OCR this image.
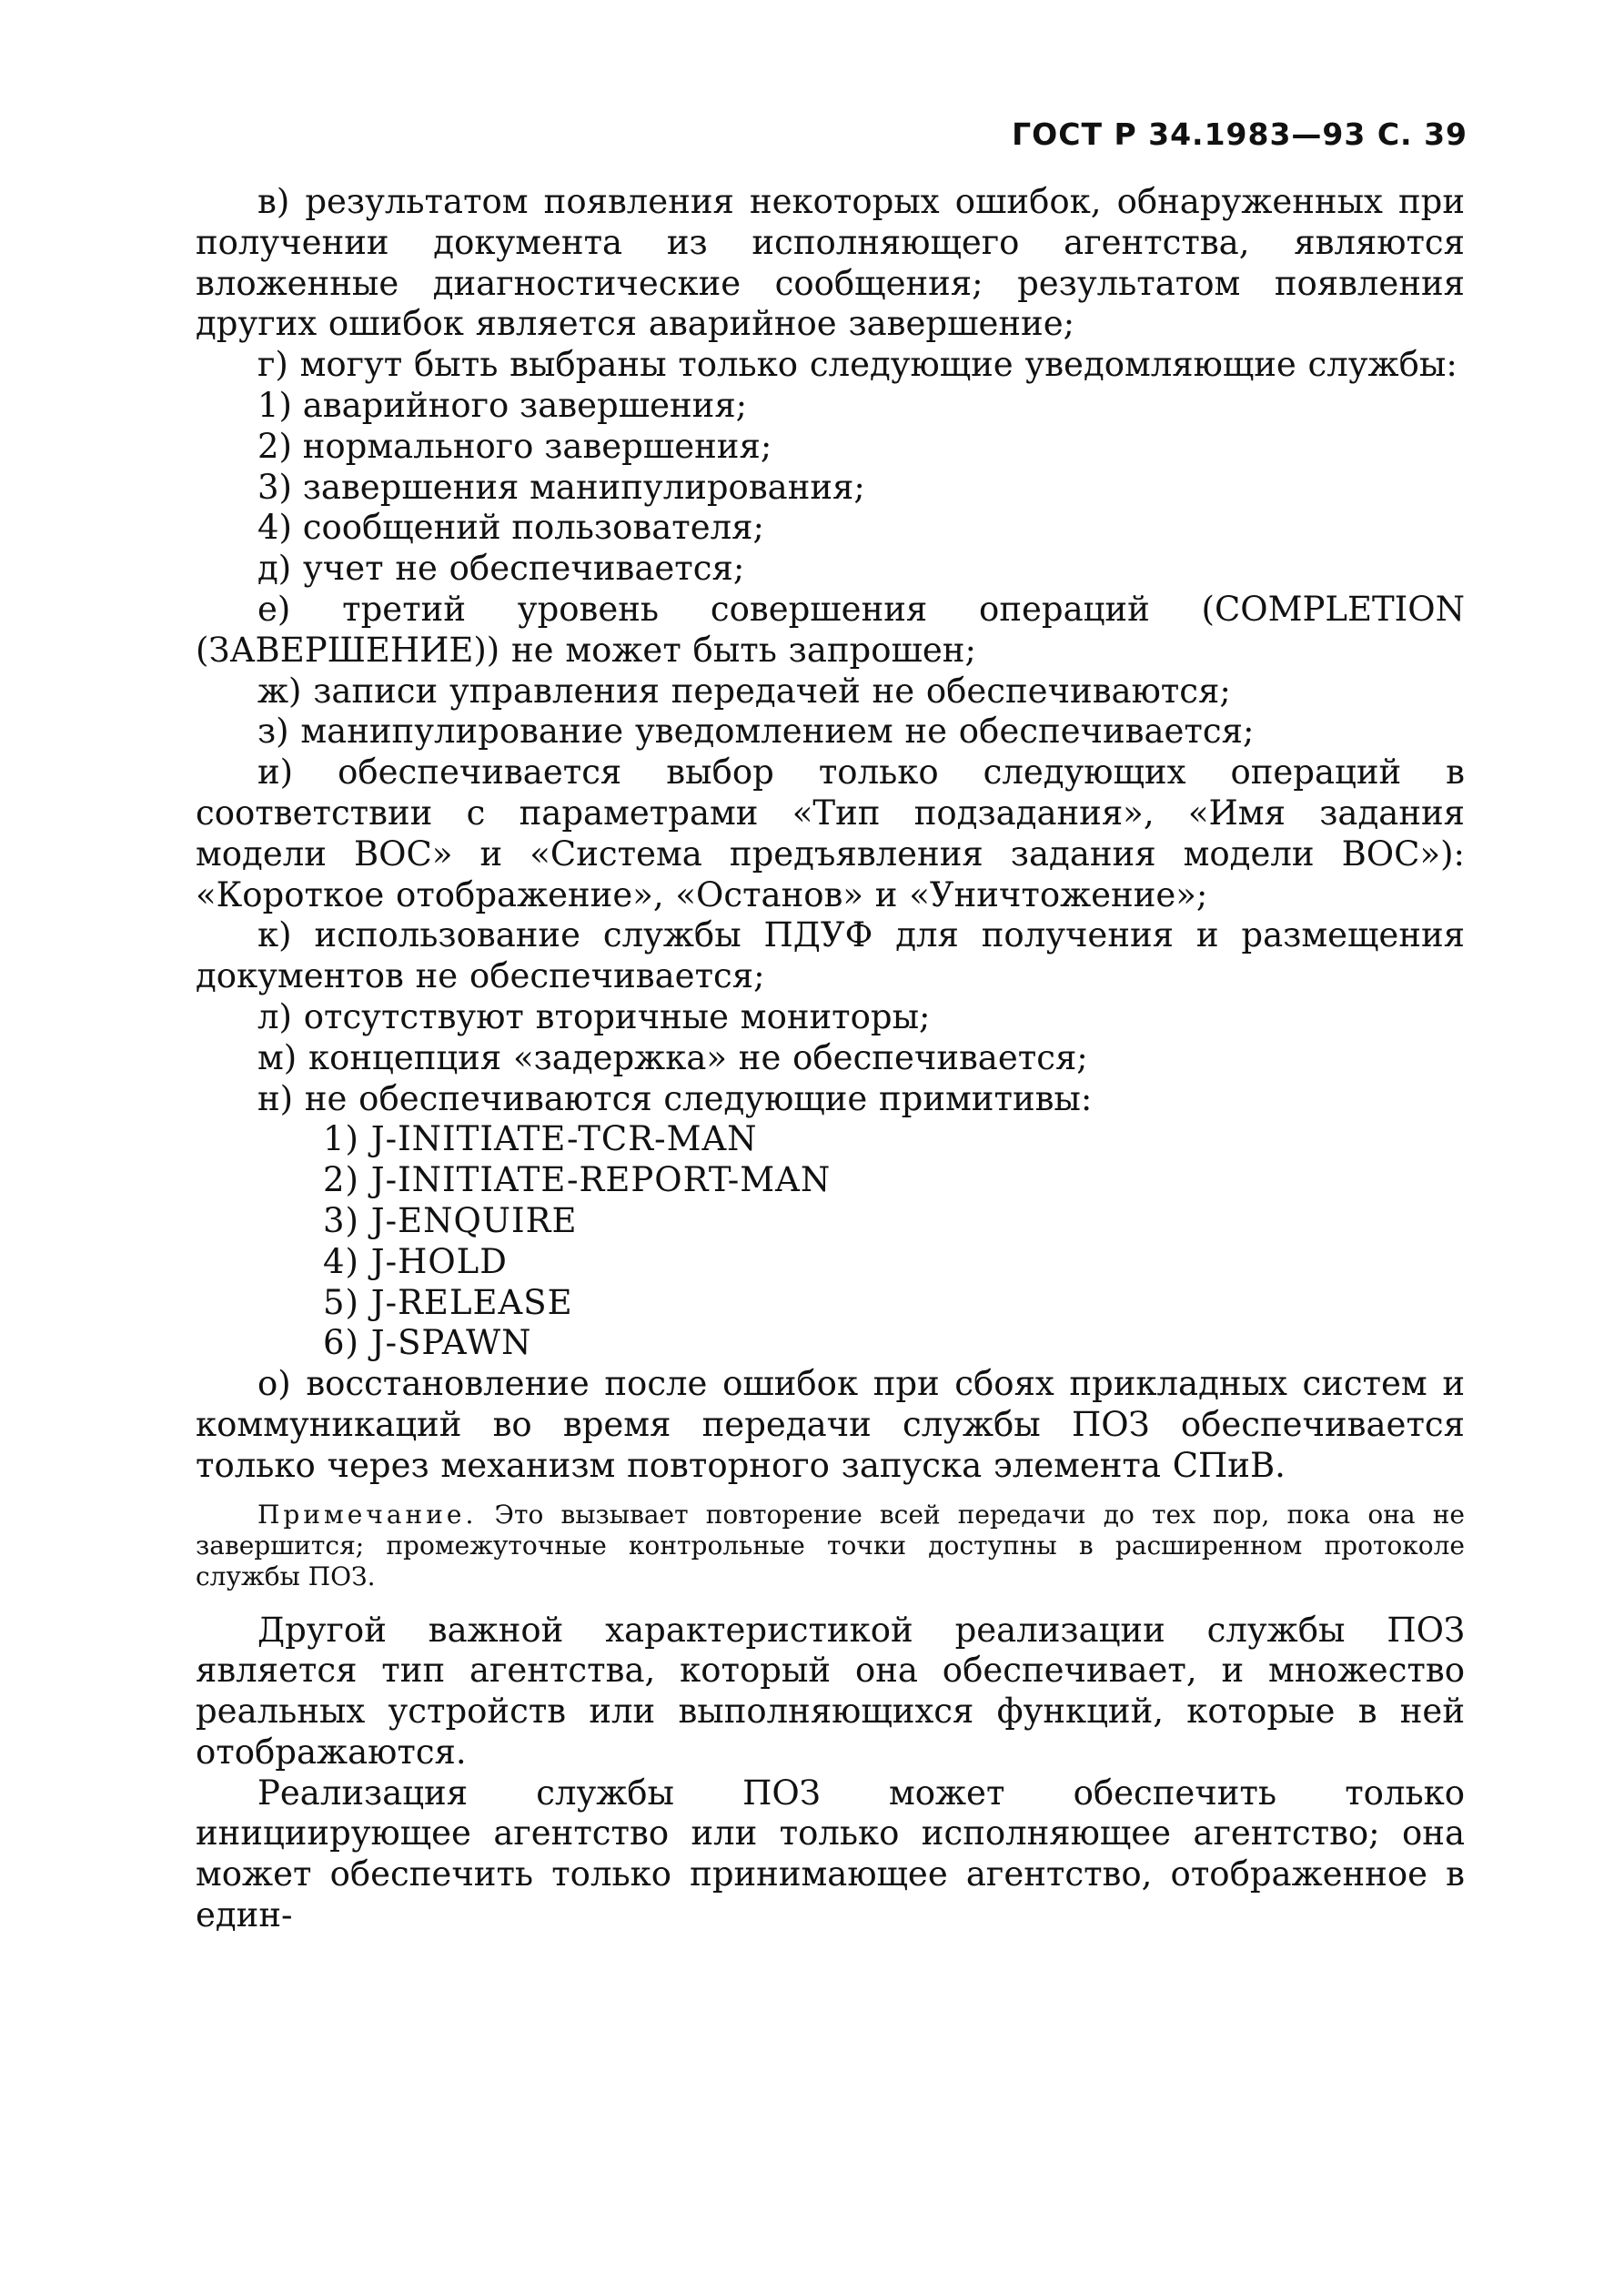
ГОСТ Р 34.1983—93 С. 39

в) результатом появления некоторых ошибок, обнаруженных при получении документа из исполняющего агентства, являются вложенные диагностические сообщения; результатом появления других ошибок является аварийное завершение;

г) могут быть выбраны только следующие уведомляющие службы:

1) аварийного завершения;

2) нормального завершения;

3) завершения манипулирования;

4) сообщений пользователя;

д) учет не обеспечивается;

е) третий уровень совершения операций (COMPLETION (ЗАВЕРШЕНИЕ)) не может быть запрошен;

ж) записи управления передачей не обеспечиваются;

з) манипулирование уведомлением не обеспечивается;

и) обеспечивается выбор только следующих операций в соответствии с параметрами «Тип подзадания», «Имя задания модели ВОС» и «Система предъявления задания модели ВОС»): «Короткое отображение», «Останов» и «Уничтожение»;

к) использование службы ПДУФ для получения и размещения документов не обеспечивается;

л) отсутствуют вторичные мониторы;

м) концепция «задержка» не обеспечивается;

н) не обеспечиваются следующие примитивы:

1) J-INITIATE-TCR-MAN

2) J-INITIATE-REPORT-MAN

3) J-ENQUIRE

4) J-HOLD

5) J-RELEASE

6) J-SPAWN

о) восстановление после ошибок при сбоях прикладных систем и коммуникаций во время передачи службы ПОЗ обеспечивается только через механизм повторного запуска элемента СПиВ.

Примечание. Это вызывает повторение всей передачи до тех пор, пока она не завершится; промежуточные контрольные точки доступны в расширенном протоколе службы ПОЗ.

Другой важной характеристикой реализации службы ПОЗ является тип агентства, который она обеспечивает, и множество реальных устройств или выполняющихся функций, которые в ней отображаются.

Реализация службы ПОЗ может обеспечить только инициирующее агентство или только исполняющее агентство; она может обеспечить только принимающее агентство, отображенное в един-
